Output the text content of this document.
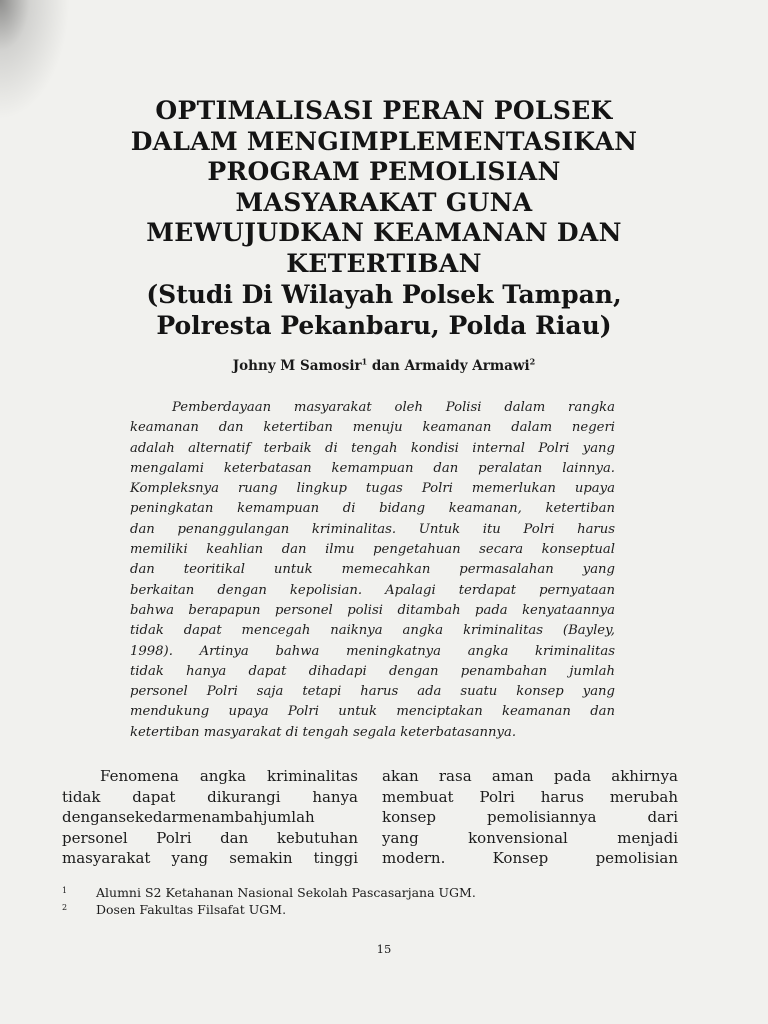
OPTIMALISASI PERAN POLSEK
DALAM MENGIMPLEMENTASIKAN
PROGRAM PEMOLISIAN
MASYARAKAT GUNA
MEWUJUDKAN KEAMANAN DAN
KETERTIBAN
(Studi Di Wilayah Polsek Tampan,
Polresta Pekanbaru, Polda Riau)
Johny M Samosir$^1$ dan Armaidy Armawi$^2$
Pemberdayaan masyarakat oleh Polisi dalam rangka
keamanan dan ketertiban menuju keamanan dalam negeri
adalah alternatif terbaik di tengah kondisi internal Polri yang
mengalami keterbatasan kemampuan dan peralatan lainnya.
Kompleksnya ruang lingkup tugas Polri memerlukan upaya
peningkatan kemampuan di bidang keamanan, ketertiban
dan penanggulangan kriminalitas. Untuk itu Polri harus
memiliki keahlian dan ilmu pengetahuan secara konseptual
dan teoritikal untuk memecahkan permasalahan yang
berkaitan dengan kepolisian. Apalagi terdapat pernyataan
bahwa berapapun personel polisi ditambah pada kenyataannya
tidak dapat mencegah naiknya angka kriminalitas (Bayley,
1998). Artinya bahwa meningkatnya angka kriminalitas
tidak hanya dapat dihadapi dengan penambahan jumlah
personel Polri saja tetapi harus ada suatu konsep yang
mendukung upaya Polri untuk menciptakan keamanan dan
ketertiban masyarakat di tengah segala keterbatasannya.
Fenomena angka kriminalitas
tidak dapat dikurangi hanya
dengansekedarmenambahjumlah
personel Polri dan kebutuhan
masyarakat yang semakin tinggi
akan rasa aman pada akhirnya
membuat Polri harus merubah
konsep pemolisiannya dari
yang konvensional menjadi
modern. Konsep pemolisian
1 Alumni S2 Ketahanan Nasional Sekolah Pascasarjana UGM.
2 Dosen Fakultas Filsafat UGM.
15
